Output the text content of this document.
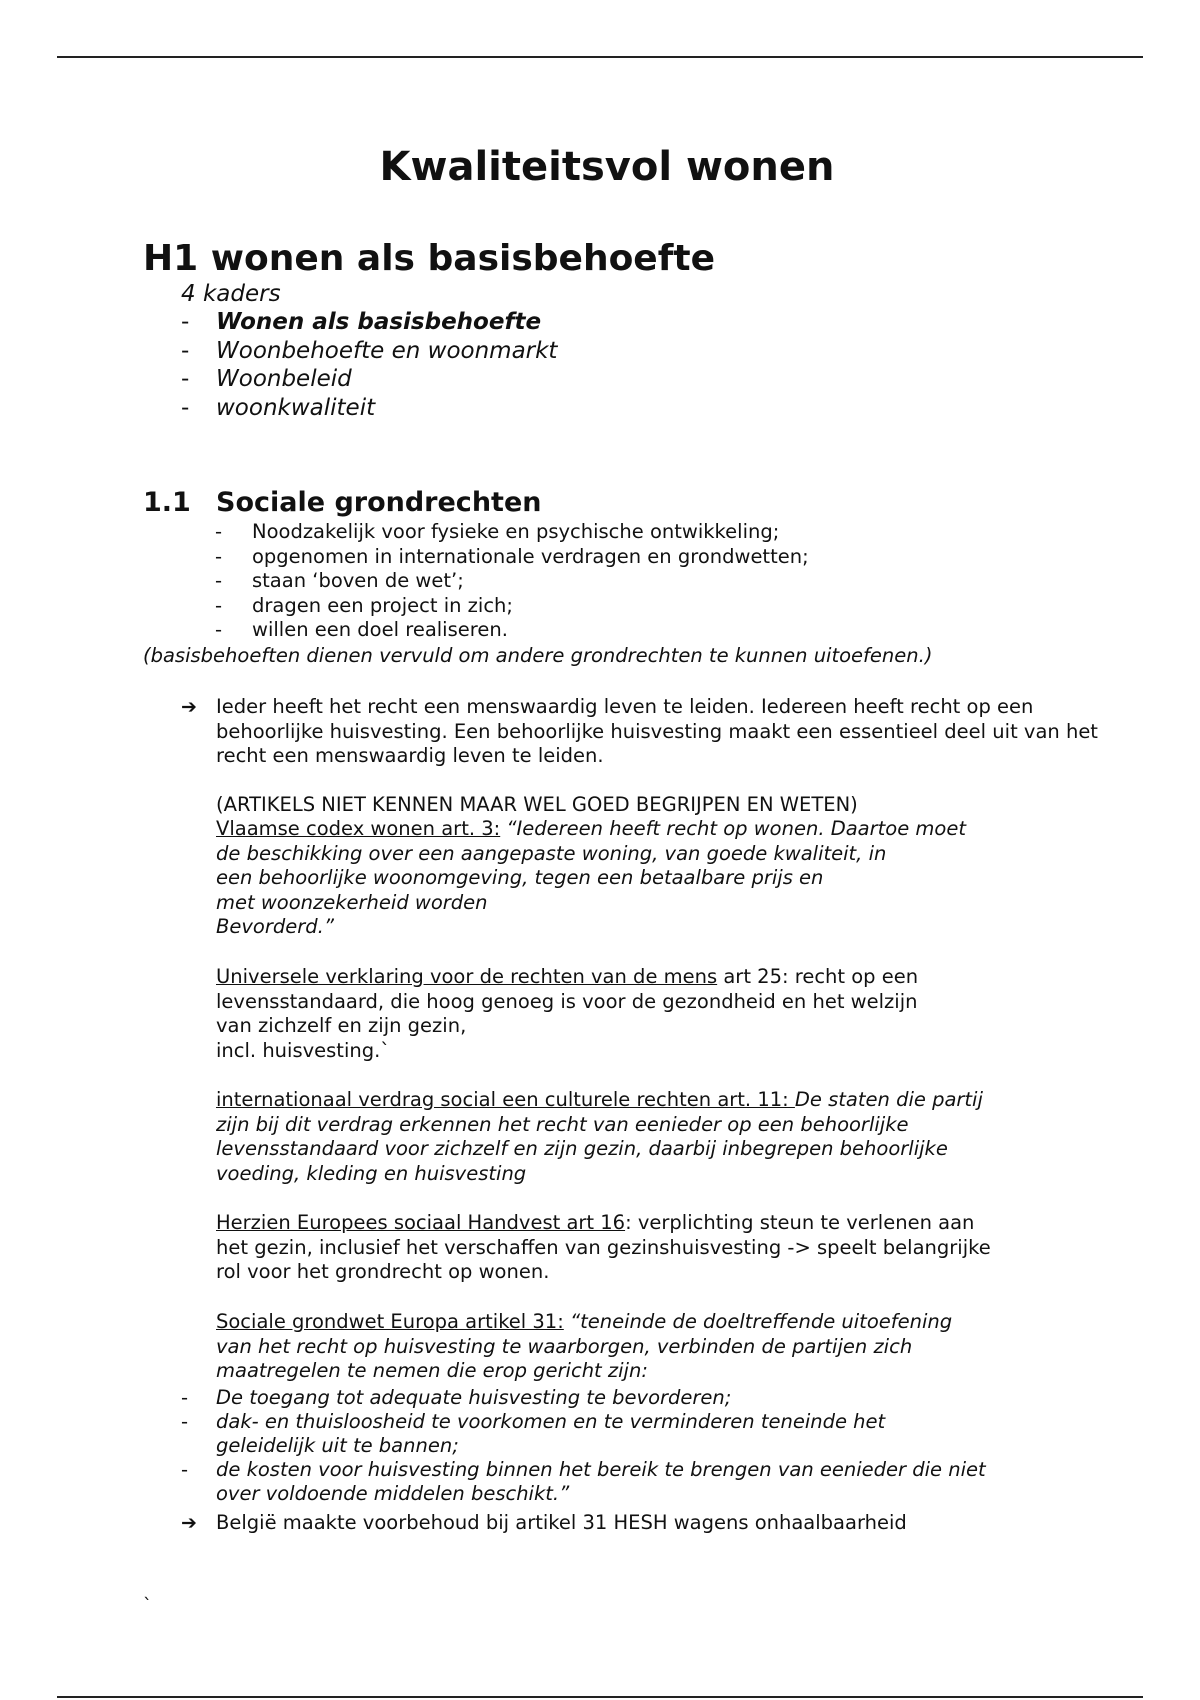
Kwaliteitsvol wonen
H1 wonen als basisbehoefte

4 kaders

- Wonen als basisbehoefte
- Woonbehoefte en woonmarkt
- Woonbeleid
- woonkwaliteit
1.1 Sociale grondrechten
- Noodzakelijk voor fysieke en psychische ontwikkeling;
- opgenomen in internationale verdragen en grondwetten;
- staan ‘boven de wet’;
- dragen een project in zich;
- willen een doel realiseren.

(basisbehoeften dienen vervuld om andere grondrechten te kunnen uitoefenen.)

➔ Ieder heeft het recht een menswaardig leven te leiden. Iedereen heeft recht op een behoorlijke huisvesting. Een behoorlijke huisvesting maakt een essentieel deel uit van het recht een menswaardig leven te leiden.

(ARTIKELS NIET KENNEN MAAR WEL GOED BEGRIJPEN EN WETEN)

Vlaamse codex wonen art. 3: “Iedereen heeft recht op wonen. Daartoe moet
de beschikking over een aangepaste woning, van goede kwaliteit, in
een behoorlijke woonomgeving, tegen een betaalbare prijs en
met woonzekerheid worden
Bevorderd.”
Universele verklaring voor de rechten van de mens art 25: recht op een
levensstandaard, die hoog genoeg is voor de gezondheid en het welzijn
van zichzelf en zijn gezin,
incl. huisvesting.`
internationaal verdrag social een culturele rechten art. 11: De staten die partij
zijn bij dit verdrag erkennen het recht van eenieder op een behoorlijke
levensstandaard voor zichzelf en zijn gezin, daarbij inbegrepen behoorlijke
voeding, kleding en huisvesting
Herzien Europees sociaal Handvest art 16: verplichting steun te verlenen aan
het gezin, inclusief het verschaffen van gezinshuisvesting -> speelt belangrijke
rol voor het grondrecht op wonen.
Sociale grondwet Europa artikel 31: “teneinde de doeltreffende uitoefening
van het recht op huisvesting te waarborgen, verbinden de partijen zich
maatregelen te nemen die erop gericht zijn:
- De toegang tot adequate huisvesting te bevorderen;
- dak- en thuisloosheid te voorkomen en te verminderen teneinde het
geleidelijk uit te bannen;
- de kosten voor huisvesting binnen het bereik te brengen van eenieder die niet
over voldoende middelen beschikt.”
➔ België maakte voorbehoud bij artikel 31 HESH wagens onhaalbaarheid

`
